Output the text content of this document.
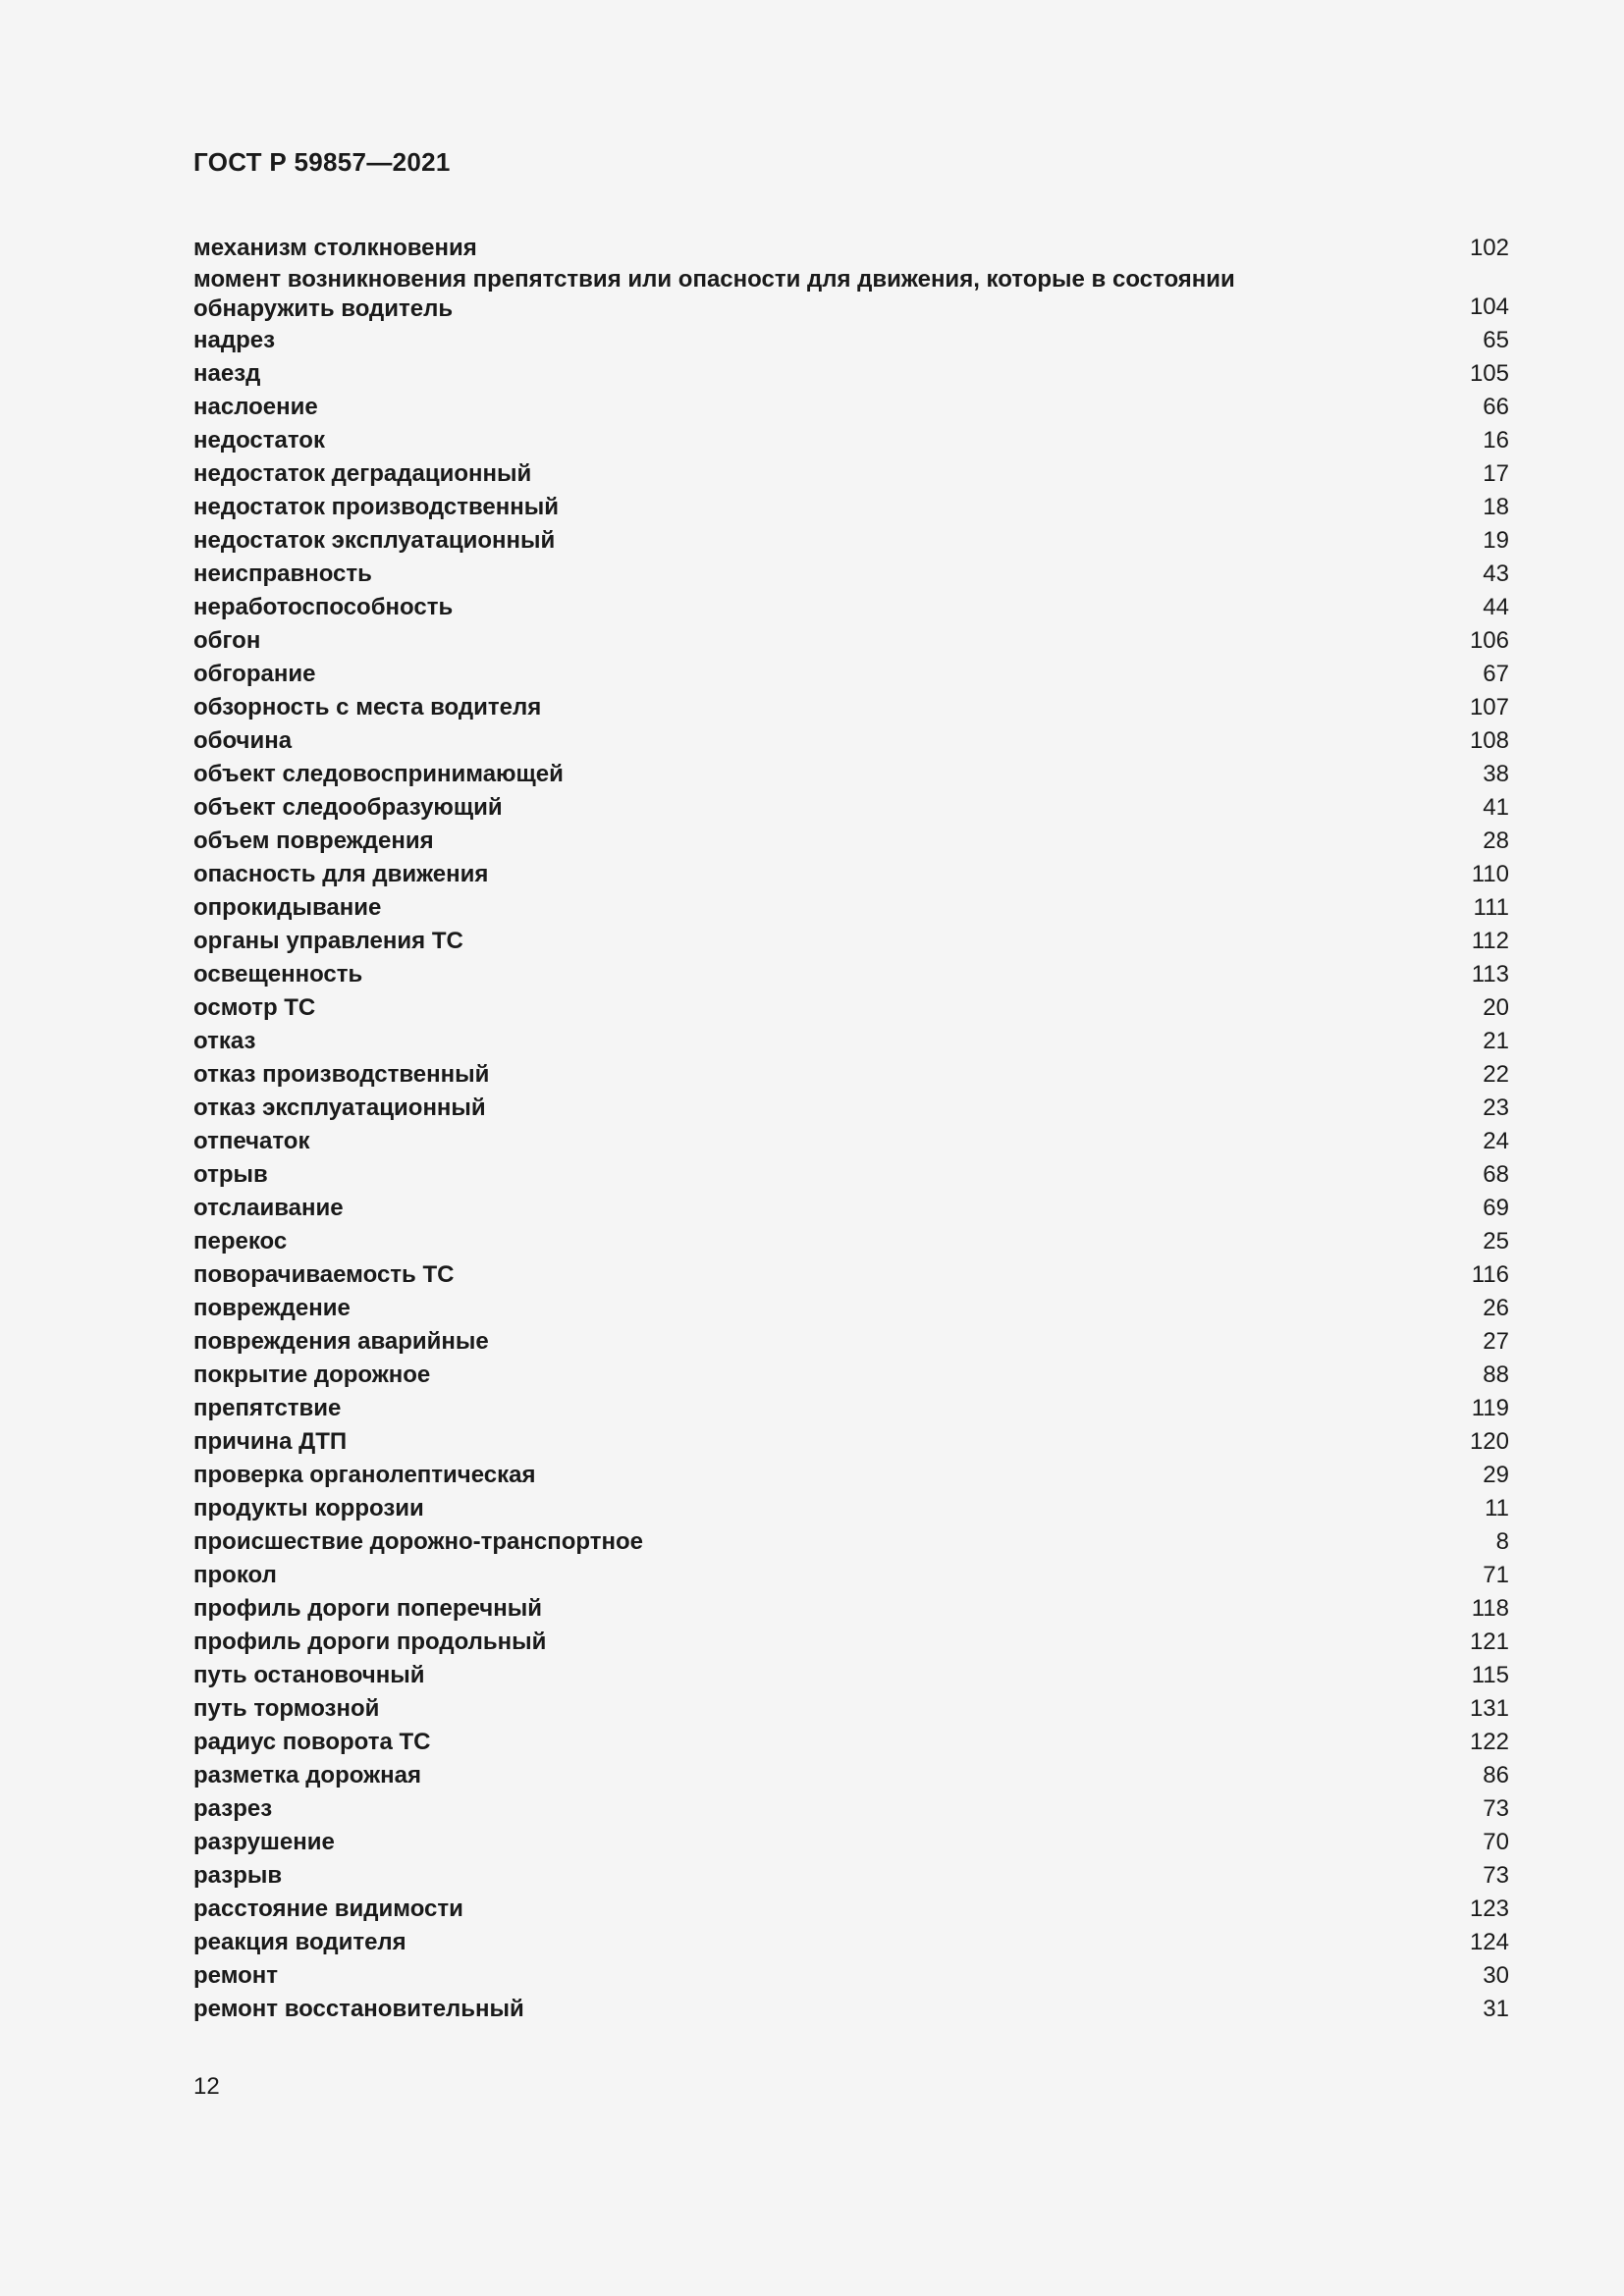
ГОСТ Р 59857—2021
механизм столкновения	102
момент возникновения препятствия или опасности для движения, которые в состоянии
обнаружить водитель	104
надрез	65
наезд	105
наслоение	66
недостаток	16
недостаток деградационный	17
недостаток производственный	18
недостаток эксплуатационный	19
неисправность	43
неработоспособность	44
обгон	106
обгорание	67
обзорность с места водителя	107
обочина	108
объект следовоспринимающей	38
объект следообразующий	41
объем повреждения	28
опасность для движения	110
опрокидывание	111
органы управления ТС	112
освещенность	113
осмотр ТС	20
отказ	21
отказ производственный	22
отказ эксплуатационный	23
отпечаток	24
отрыв	68
отслаивание	69
перекос	25
поворачиваемость ТС	116
повреждение	26
повреждения аварийные	27
покрытие дорожное	88
препятствие	119
причина ДТП	120
проверка органолептическая	29
продукты коррозии	11
происшествие дорожно-транспортное	8
прокол	71
профиль дороги поперечный	118
профиль дороги продольный	121
путь остановочный	115
путь тормозной	131
радиус поворота ТС	122
разметка дорожная	86
разрез	73
разрушение	70
разрыв	73
расстояние видимости	123
реакция водителя	124
ремонт	30
ремонт восстановительный	31
12
